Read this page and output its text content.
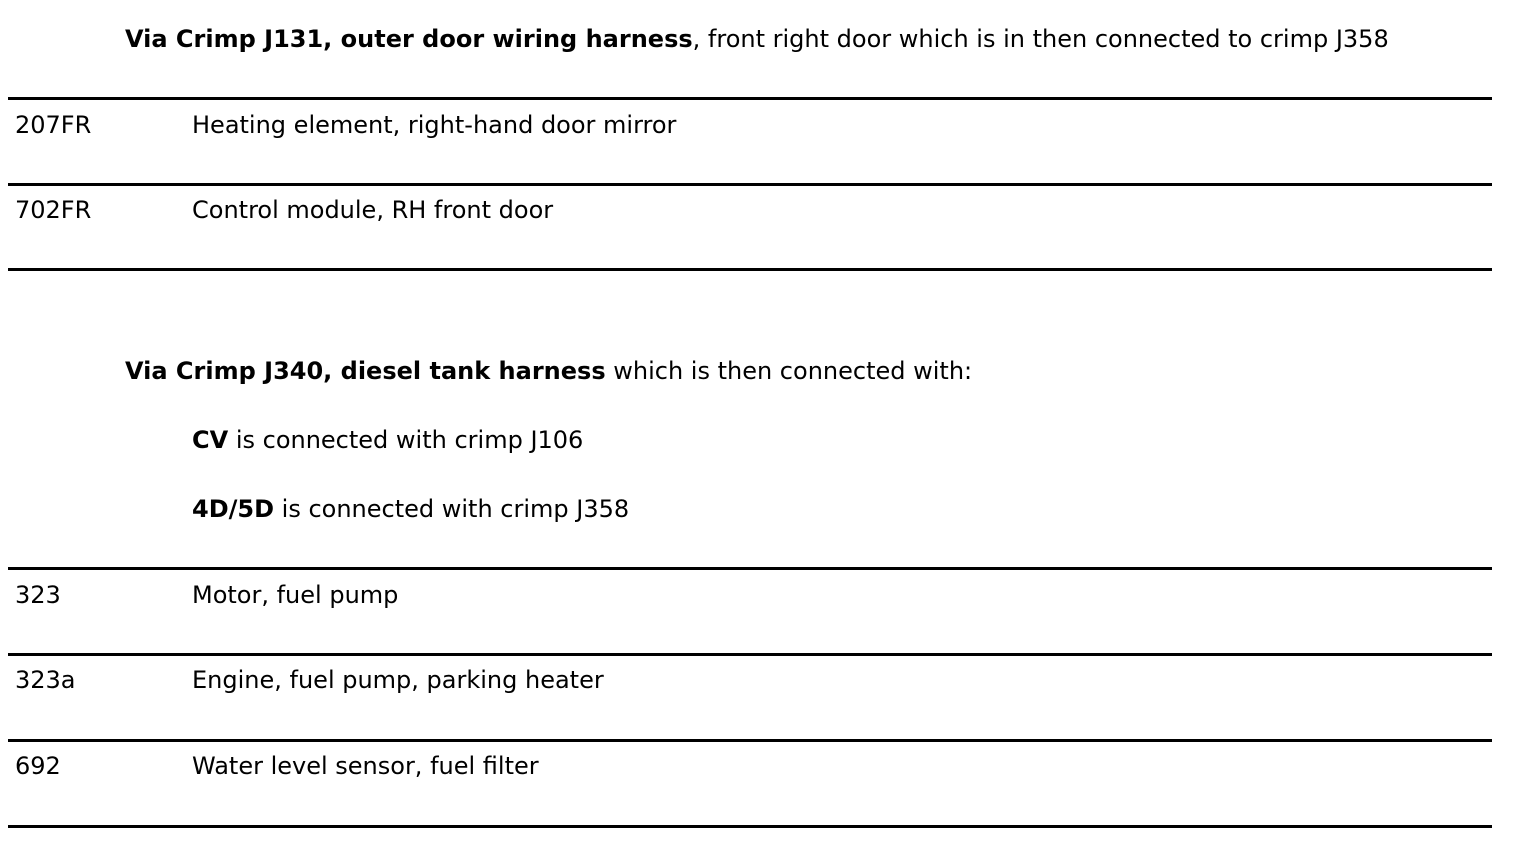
Via Crimp J131, outer door wiring harness, front right door which is in then connected to crimp J358
207FR	Heating element, right-hand door mirror
702FR	Control module, RH front door
Via Crimp J340, diesel tank harness which is then connected with:
CV is connected with crimp J106
4D/5D is connected with crimp J358
323	Motor, fuel pump
323a	Engine, fuel pump, parking heater
692	Water level sensor, fuel filter
